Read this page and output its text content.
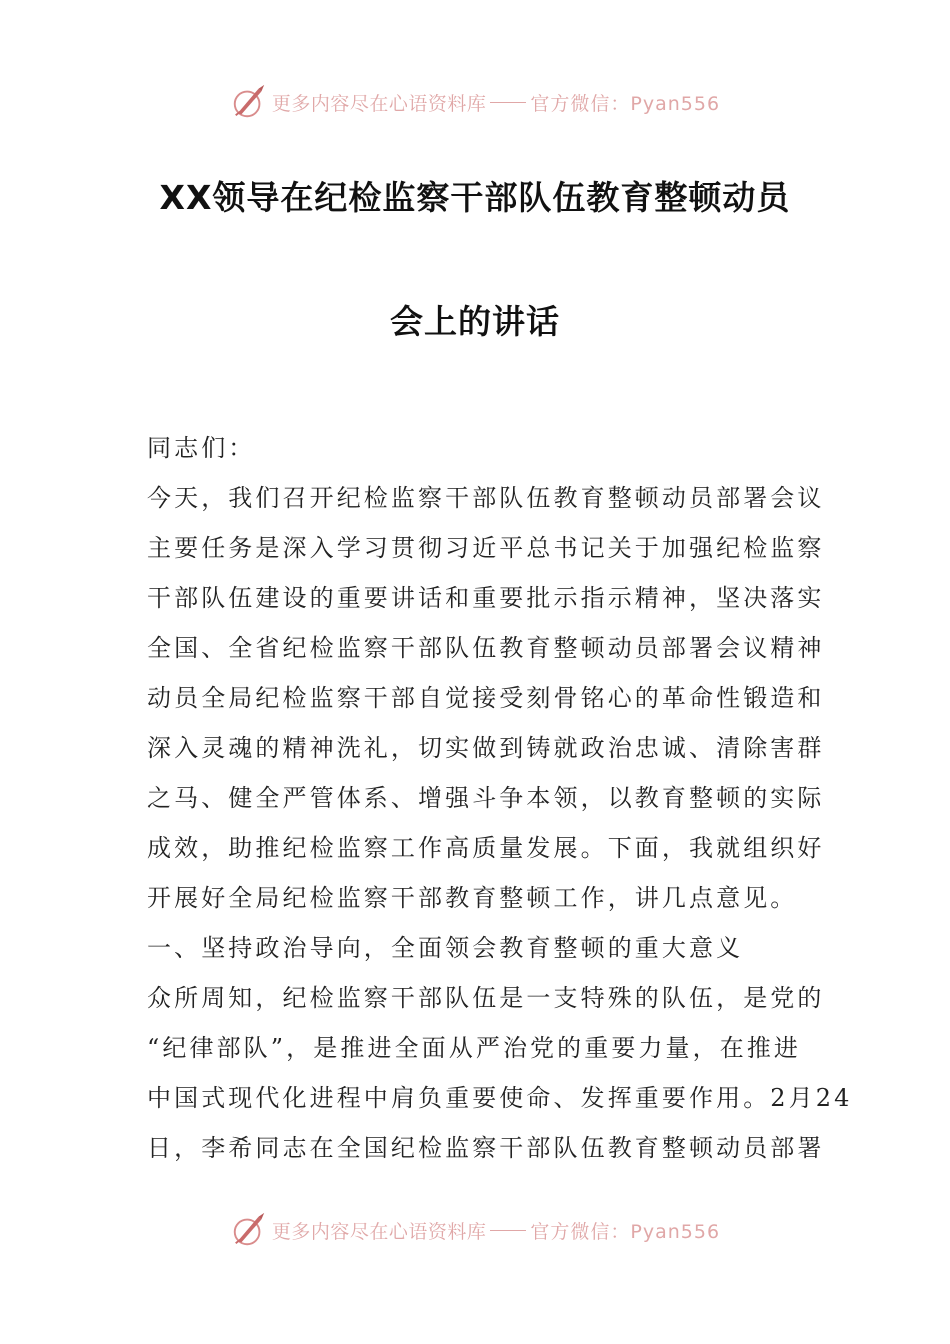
更多内容尽在心语资料库 官方微信：Pyan556
XX领导在纪检监察干部队伍教育整顿动员
会上的讲话
同志们：
今天，我们召开纪检监察干部队伍教育整顿动员部署会议
主要任务是深入学习贯彻习近平总书记关于加强纪检监察
干部队伍建设的重要讲话和重要批示指示精神，坚决落实
全国、全省纪检监察干部队伍教育整顿动员部署会议精神
动员全局纪检监察干部自觉接受刻骨铭心的革命性锻造和
深入灵魂的精神洗礼，切实做到铸就政治忠诚、清除害群
之马、健全严管体系、增强斗争本领，以教育整顿的实际
成效，助推纪检监察工作高质量发展。下面，我就组织好
开展好全局纪检监察干部教育整顿工作，讲几点意见。
一、坚持政治导向，全面领会教育整顿的重大意义
众所周知，纪检监察干部队伍是一支特殊的队伍，是党的
“纪律部队”，是推进全面从严治党的重要力量，在推进
中国式现代化进程中肩负重要使命、发挥重要作用。2月24
日，李希同志在全国纪检监察干部队伍教育整顿动员部署
更多内容尽在心语资料库 官方微信：Pyan556
